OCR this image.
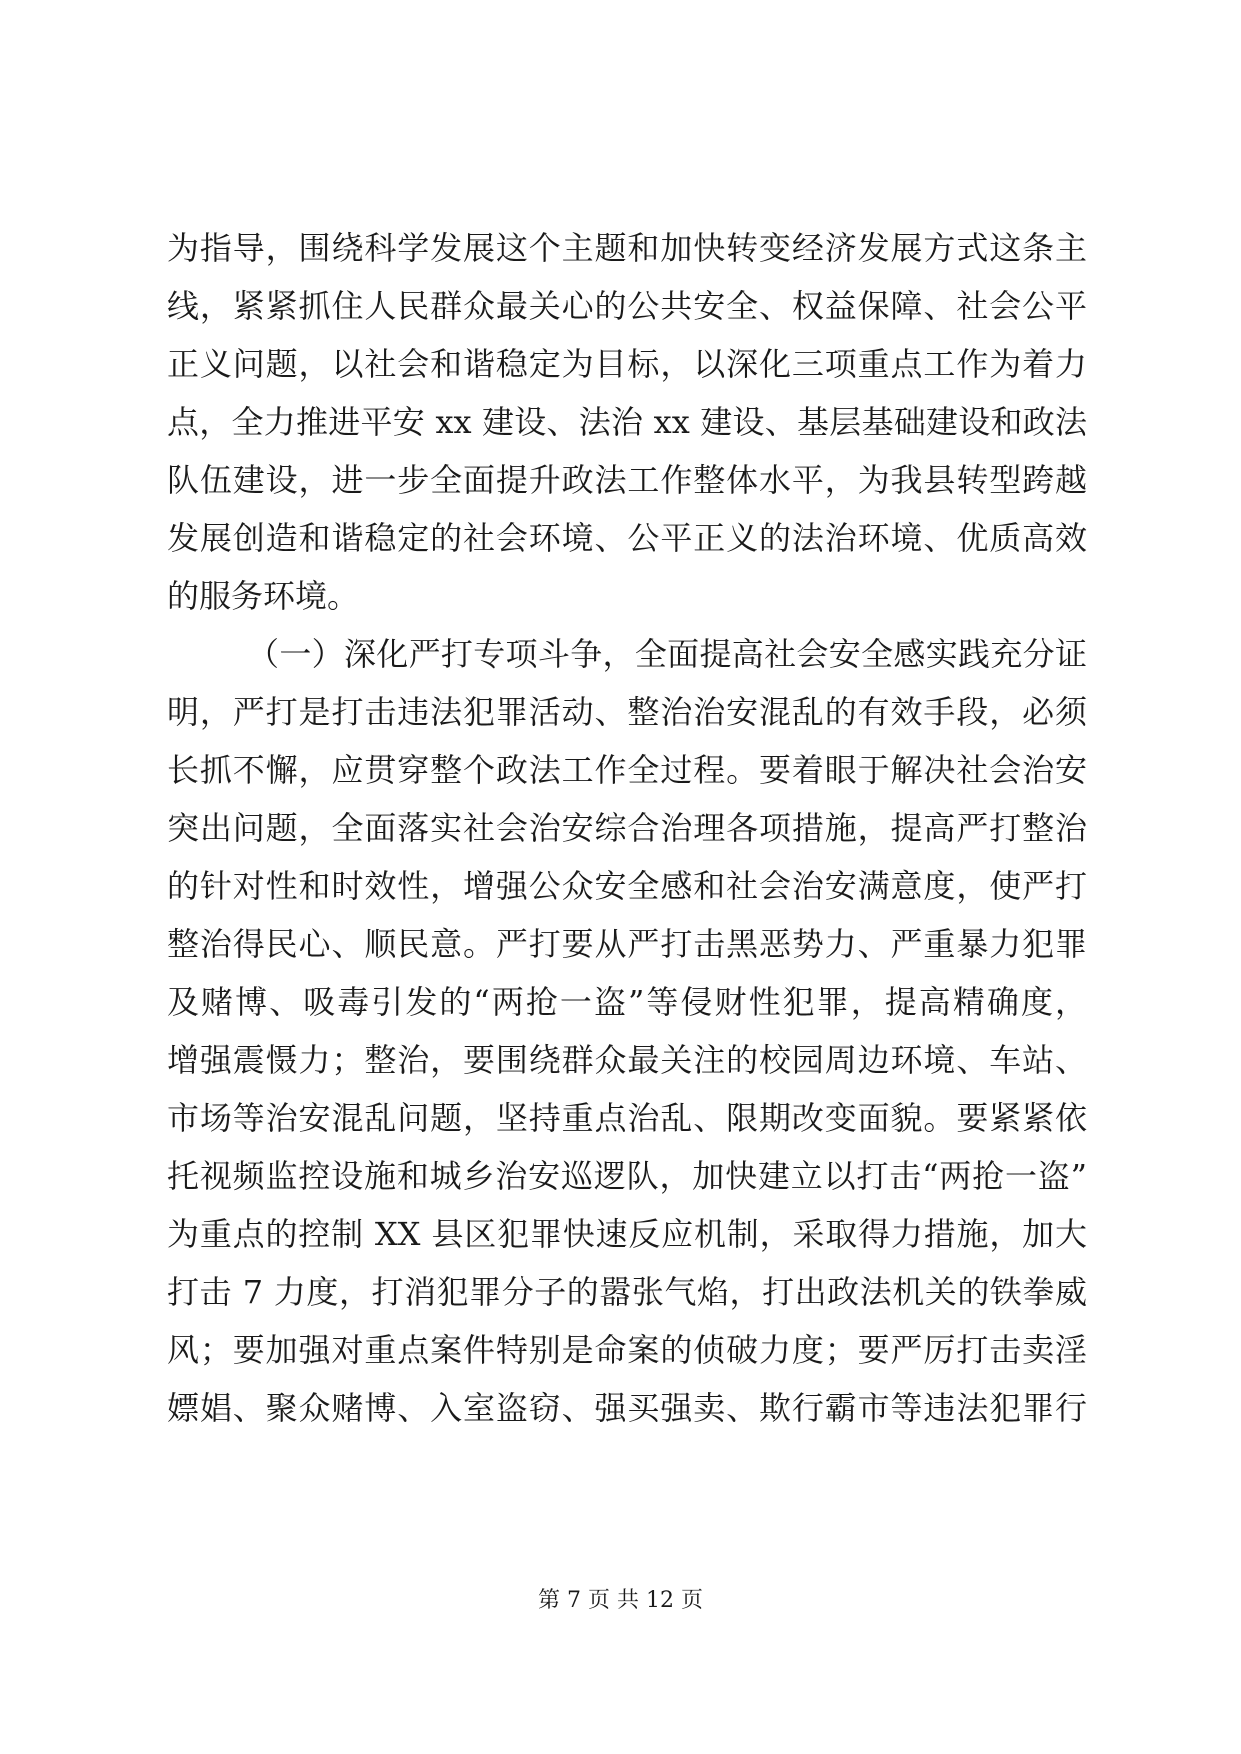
为指导，围绕科学发展这个主题和加快转变经济发展方式这条主
线，紧紧抓住人民群众最关心的公共安全、权益保障、社会公平
正义问题，以社会和谐稳定为目标，以深化三项重点工作为着力
点，全力推进平安 xx 建设、法治 xx 建设、基层基础建设和政法
队伍建设，进一步全面提升政法工作整体水平，为我县转型跨越
发展创造和谐稳定的社会环境、公平正义的法治环境、优质高效
的服务环境。
（一）深化严打专项斗争，全面提高社会安全感实践充分证
明，严打是打击违法犯罪活动、整治治安混乱的有效手段，必须
长抓不懈，应贯穿整个政法工作全过程。要着眼于解决社会治安
突出问题，全面落实社会治安综合治理各项措施，提高严打整治
的针对性和时效性，增强公众安全感和社会治安满意度，使严打
整治得民心、顺民意。严打要从严打击黑恶势力、严重暴力犯罪
及赌博、吸毒引发的“两抢一盗”等侵财性犯罪，提高精确度，
增强震慑力；整治，要围绕群众最关注的校园周边环境、车站、
市场等治安混乱问题，坚持重点治乱、限期改变面貌。要紧紧依
托视频监控设施和城乡治安巡逻队，加快建立以打击“两抢一盗”
为重点的控制 XX 县区犯罪快速反应机制，采取得力措施，加大
打击 7 力度，打消犯罪分子的嚣张气焰，打出政法机关的铁拳威
风；要加强对重点案件特别是命案的侦破力度；要严厉打击卖淫
嫖娼、聚众赌博、入室盗窃、强买强卖、欺行霸市等违法犯罪行
第 7 页 共 12 页
